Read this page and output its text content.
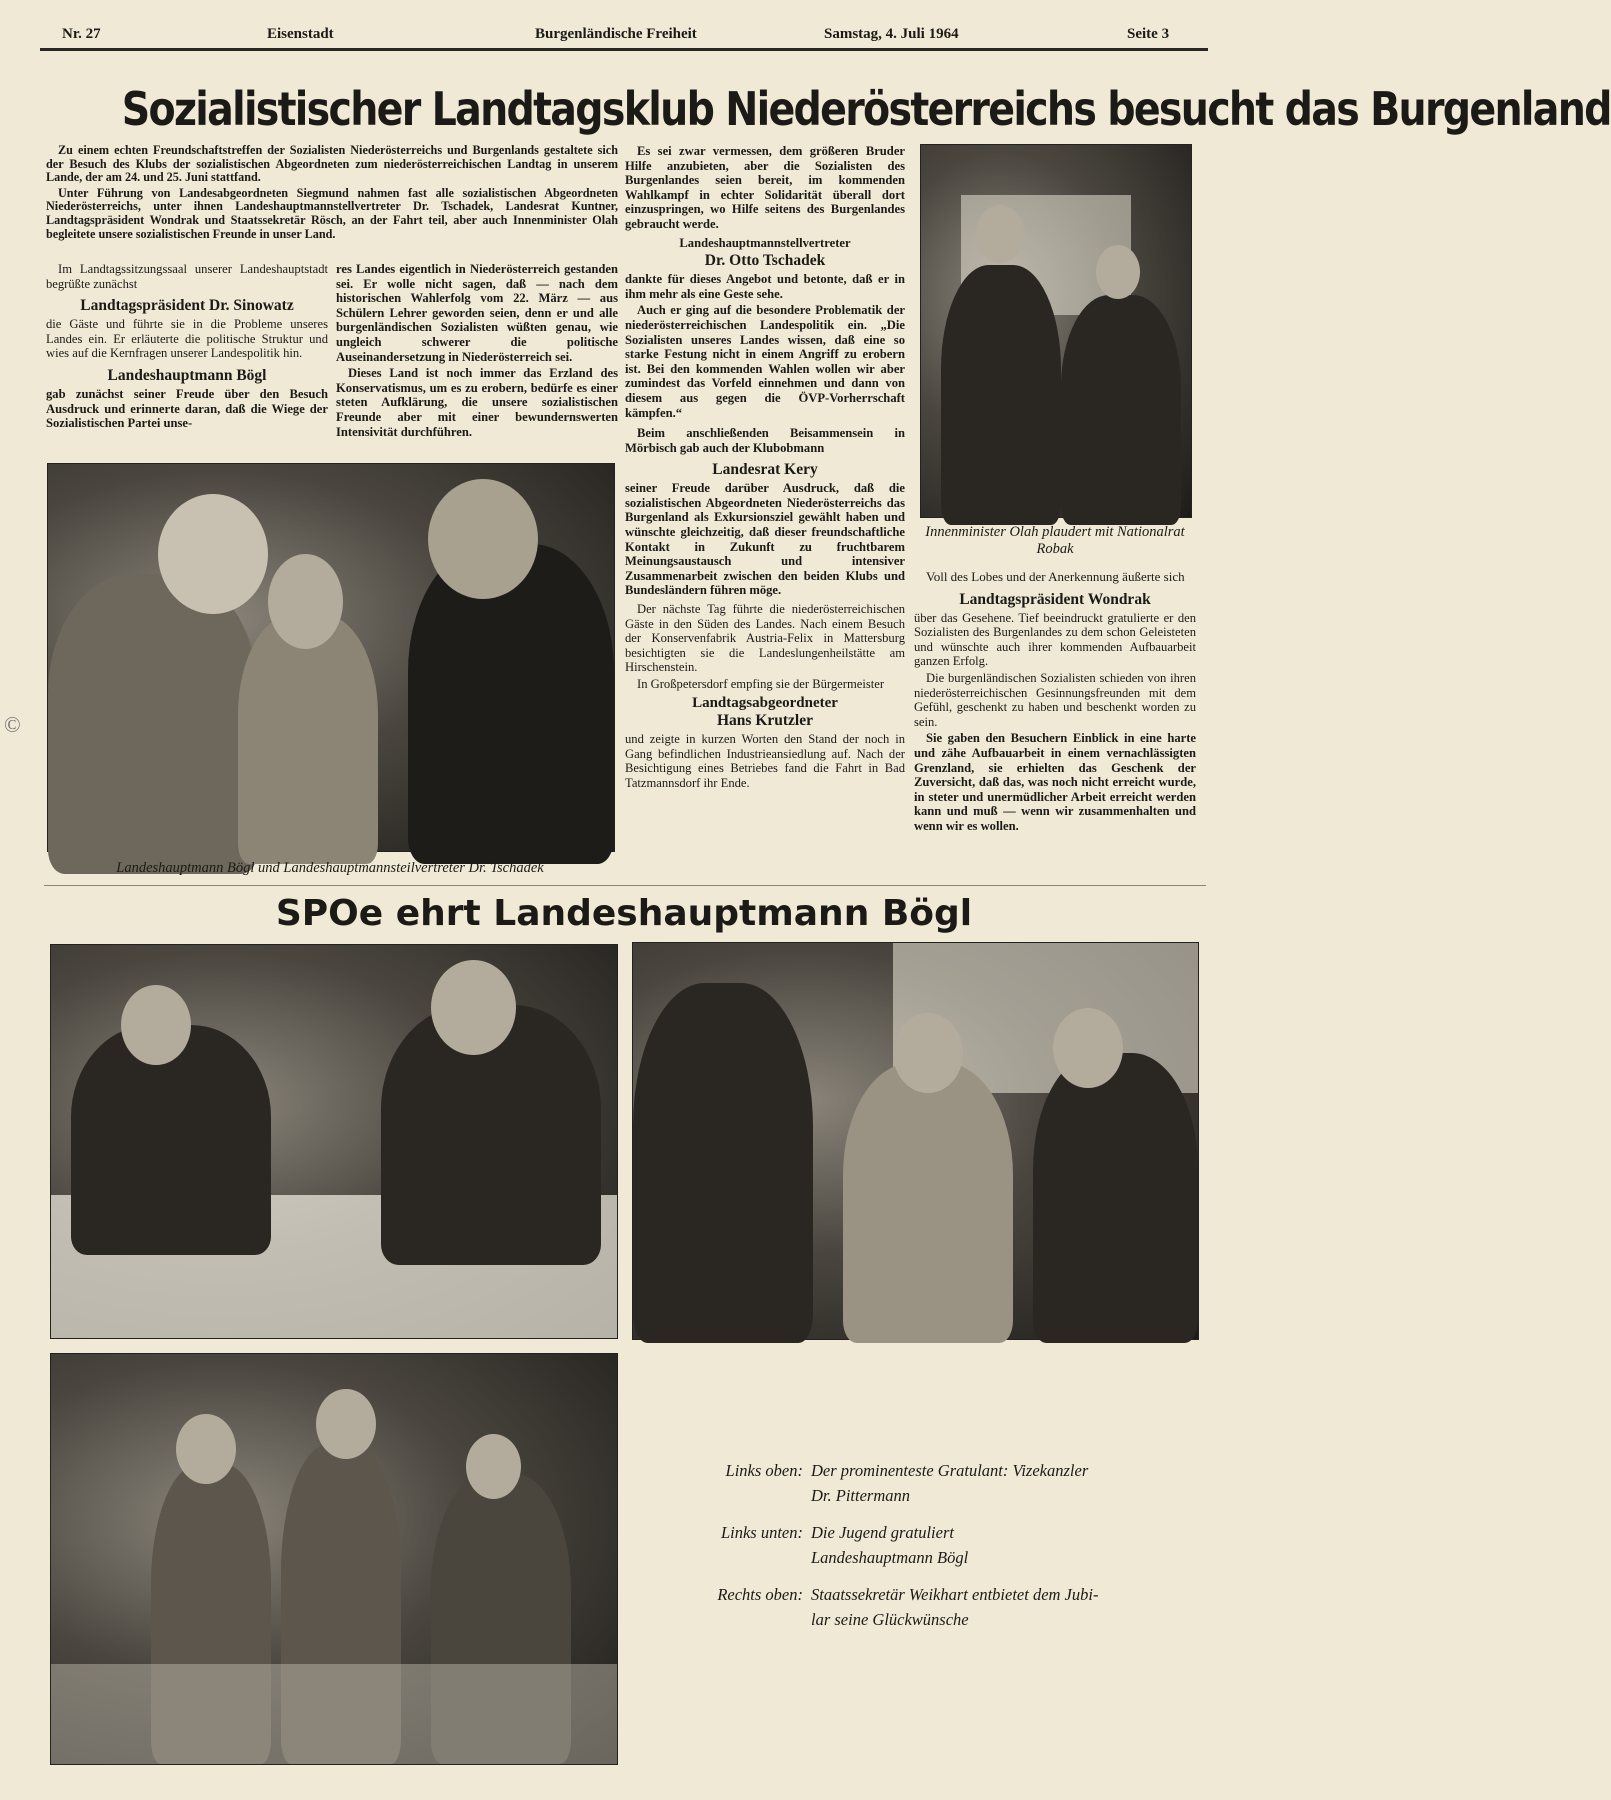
Nr. 27	Eisenstadt	Burgenländische Freiheit	Samstag, 4. Juli 1964	Seite 3
Sozialistischer Landtagsklub Niederösterreichs besucht das Burgenland

Zu einem echten Freundschaftstreffen der Sozialisten Niederösterreichs und Burgenlands gestaltete sich der Besuch des Klubs der sozialistischen Abgeordneten zum niederösterreichischen Landtag in unserem Lande, der am 24. und 25. Juni stattfand.

Unter Führung von Landesabgeordneten Siegmund nahmen fast alle sozialistischen Abgeordneten Niederösterreichs, unter ihnen Landeshauptmannstellvertreter Dr. Tschadek, Landesrat Kuntner, Landtagspräsident Wondrak und Staatssekretär Rösch, an der Fahrt teil, aber auch Innenminister Olah begleitete unsere sozialistischen Freunde in unser Land.

Im Landtagssitzungssaal unserer Landeshauptstadt begrüßte zunächst

Landtagspräsident Dr. Sinowatz

die Gäste und führte sie in die Probleme unseres Landes ein. Er erläuterte die politische Struktur und wies auf die Kernfragen unserer Landespolitik hin.

Landeshauptmann Bögl

gab zunächst seiner Freude über den Besuch Ausdruck und erinnerte daran, daß die Wiege der Sozialistischen Partei unse-

res Landes eigentlich in Niederösterreich gestanden sei. Er wolle nicht sagen, daß — nach dem historischen Wahlerfolg vom 22. März — aus Schülern Lehrer geworden seien, denn er und alle burgenländischen Sozialisten wüßten genau, wie ungleich schwerer die politische Auseinandersetzung in Niederösterreich sei.

Dieses Land ist noch immer das Erzland des Konservatismus, um es zu erobern, bedürfe es einer steten Aufklärung, die unsere sozialistischen Freunde aber mit einer bewundernswerten Intensivität durchführen.

Es sei zwar vermessen, dem größeren Bruder Hilfe anzubieten, aber die Sozialisten des Burgenlandes seien bereit, im kommenden Wahlkampf in echter Solidarität überall dort einzuspringen, wo Hilfe seitens des Burgenlandes gebraucht werde.

Landeshauptmannstellvertreter
Dr. Otto Tschadek

dankte für dieses Angebot und betonte, daß er in ihm mehr als eine Geste sehe.

Auch er ging auf die besondere Problematik der niederösterreichischen Landespolitik ein. „Die Sozialisten unseres Landes wissen, daß eine so starke Festung nicht in einem Angriff zu erobern ist. Bei den kommenden Wahlen wollen wir aber zumindest das Vorfeld einnehmen und dann von diesem aus gegen die ÖVP-Vorherrschaft kämpfen.“

Beim anschließenden Beisammensein in Mörbisch gab auch der Klubobmann

Landesrat Kery

seiner Freude darüber Ausdruck, daß die sozialistischen Abgeordneten Niederösterreichs das Burgenland als Exkursionsziel gewählt haben und wünschte gleichzeitig, daß dieser freundschaftliche Kontakt in Zukunft zu fruchtbarem Meinungsaustausch und intensiver Zusammenarbeit zwischen den beiden Klubs und Bundesländern führen möge.

Der nächste Tag führte die niederösterreichischen Gäste in den Süden des Landes. Nach einem Besuch der Konservenfabrik Austria-Felix in Mattersburg besichtigten sie die Landeslungenheilstätte am Hirschenstein.

In Großpetersdorf empfing sie der Bürgermeister

Landtagsabgeordneter
Hans Krutzler

und zeigte in kurzen Worten den Stand der noch in Gang befindlichen Industrieansiedlung auf. Nach der Besichtigung eines Betriebes fand die Fahrt in Bad Tatzmannsdorf ihr Ende.

Innenminister Olah plaudert mit Nationalrat Robak

Voll des Lobes und der Anerkennung äußerte sich

Landtagspräsident Wondrak

über das Gesehene. Tief beeindruckt gratulierte er den Sozialisten des Burgenlandes zu dem schon Geleisteten und wünschte auch ihrer kommenden Aufbauarbeit ganzen Erfolg.

Die burgenländischen Sozialisten schieden von ihren niederösterreichischen Gesinnungsfreunden mit dem Gefühl, geschenkt zu haben und beschenkt worden zu sein.

Sie gaben den Besuchern Einblick in eine harte und zähe Aufbauarbeit in einem vernachlässigten Grenzland, sie erhielten das Geschenk der Zuversicht, daß das, was noch nicht erreicht wurde, in steter und unermüdlicher Arbeit erreicht werden kann und muß — wenn wir zusammenhalten und wenn wir es wollen.

Landeshauptmann Bögl und Landeshauptmannsteilvertreter Dr. Tschadek
SPOe ehrt Landeshauptmann Bögl
Links oben: Der prominenteste Gratulant: Vizekanzler
Dr. Pittermann
Links unten: Die Jugend gratuliert
Landeshauptmann Bögl
Rechts oben: Staatssekretär Weikhart entbietet dem Jubi-
lar seine Glückwünsche
©
